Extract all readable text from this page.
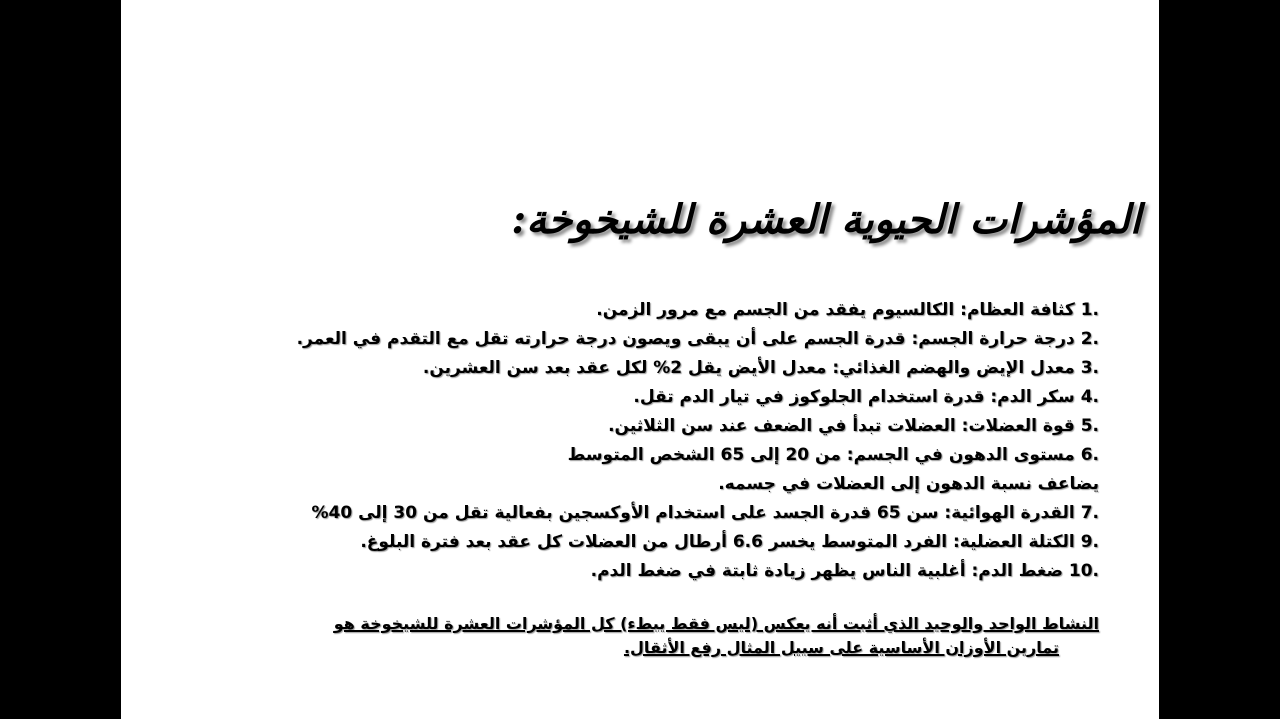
المؤشرات الحيوية العشرة للشيخوخة:
.1 كثافة العظام: الكالسيوم يفقد من الجسم مع مرور الزمن.
.2 درجة حرارة الجسم: قدرة الجسم على أن يبقى ويصون درجة حرارته تقل مع التقدم في العمر.
.3 معدل الإيض والهضم الغذائي: معدل الأيض يقل 2% لكل عقد بعد سن العشرين.
.4 سكر الدم: قدرة استخدام الجلوكوز في تيار الدم تقل.
.5 قوة العضلات: العضلات تبدأ في الضعف عند سن الثلاثين.
.6 مستوى الدهون في الجسم: من 20 إلى 65 الشخص المتوسط
يضاعف نسبة الدهون إلى العضلات في جسمه.
.7 القدرة الهوائية: سن 65 قدرة الجسد على استخدام الأوكسجين بفعالية تقل من 30 إلى 40%
.9 الكتلة العضلية: الفرد المتوسط يخسر 6.6 أرطال من العضلات كل عقد بعد فترة البلوغ.
.10 ضغط الدم: أغلبية الناس يظهر زيادة ثابتة في ضغط الدم.
النشاط الواحد والوحيد الذي أثبت أنه يعكس (ليس فقط يبطء) كل المؤشرات العشرة للشيخوخة هو
تمارين الأوزان الأساسية على سبيل المثال رفع الأثقال.
